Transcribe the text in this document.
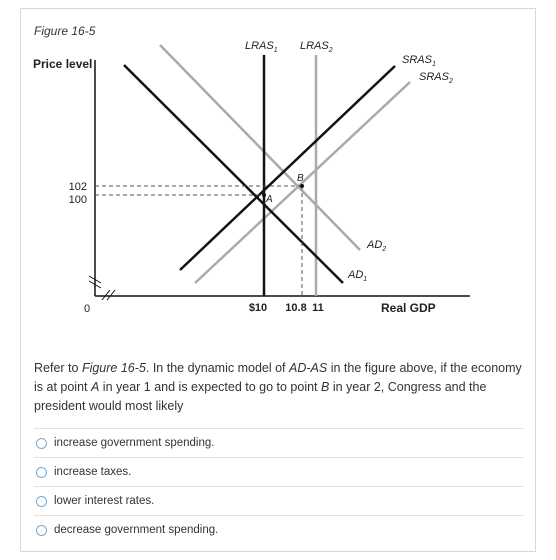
Figure 16-5
A
B
Price level
Real GDP
0
102
100
$10 10.8 11
$LRAS_1$ $LRAS_2$
$SRAS_1$
$SRAS_2$
$AD_2$
$AD_1$
Refer to Figure 16-5. In the dynamic model of AD-AS in the figure above, if the economy is at point A in year 1 and is expected to go to point B in year 2, Congress and the president would most likely
increase government spending.
increase taxes.
lower interest rates.
decrease government spending.
